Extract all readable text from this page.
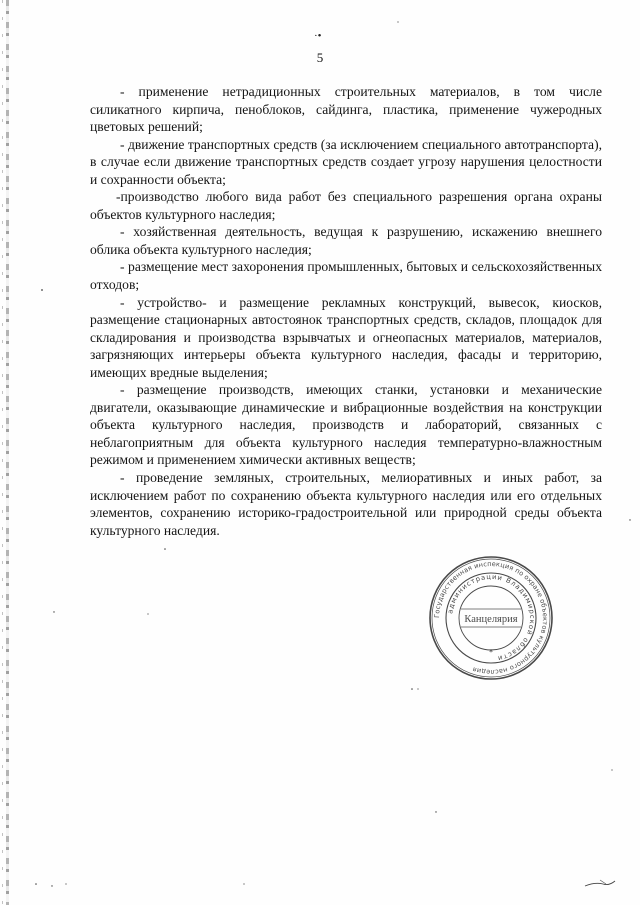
·•
5

- применение нетрадиционных строительных материалов, в том числе силикатного кирпича, пеноблоков, сайдинга, пластика, применение чужеродных цветовых решений;

- движение транспортных средств (за исключением специального автотранспорта), в случае если движение транспортных средств создает угрозу нарушения целостности и сохранности объекта;

-производство любого вида работ без специального разрешения органа охраны объектов культурного наследия;

- хозяйственная деятельность, ведущая к разрушению, искажению внешнего облика объекта культурного наследия;

- размещение мест захоронения промышленных, бытовых и сельскохозяйственных отходов;

- устройство- и размещение рекламных конструкций, вывесок, киосков, размещение стационарных автостоянок транспортных средств, складов, площадок для складирования и производства взрывчатых и огнеопасных материалов, материалов, загрязняющих интерьеры объекта культурного наследия, фасады и территорию, имеющих вредные выделения;

- размещение производств, имеющих станки, установки и механические двигатели, оказывающие динамические и вибрационные воздействия на конструкции объекта культурного наследия, производств и лабораторий, связанных с неблагоприятным для объекта культурного наследия температурно-влажностным режимом и применением химически активных веществ;

- проведение земляных, строительных, мелиоративных и иных работ, за исключением работ по сохранению объекта культурного наследия или его отдельных элементов, сохранению историко-градостроительной или природной среды объекта культурного наследия.

Государственная инспекция по охране объектов культурного наследия
администрации Владимирской области
Канцелярия
*
